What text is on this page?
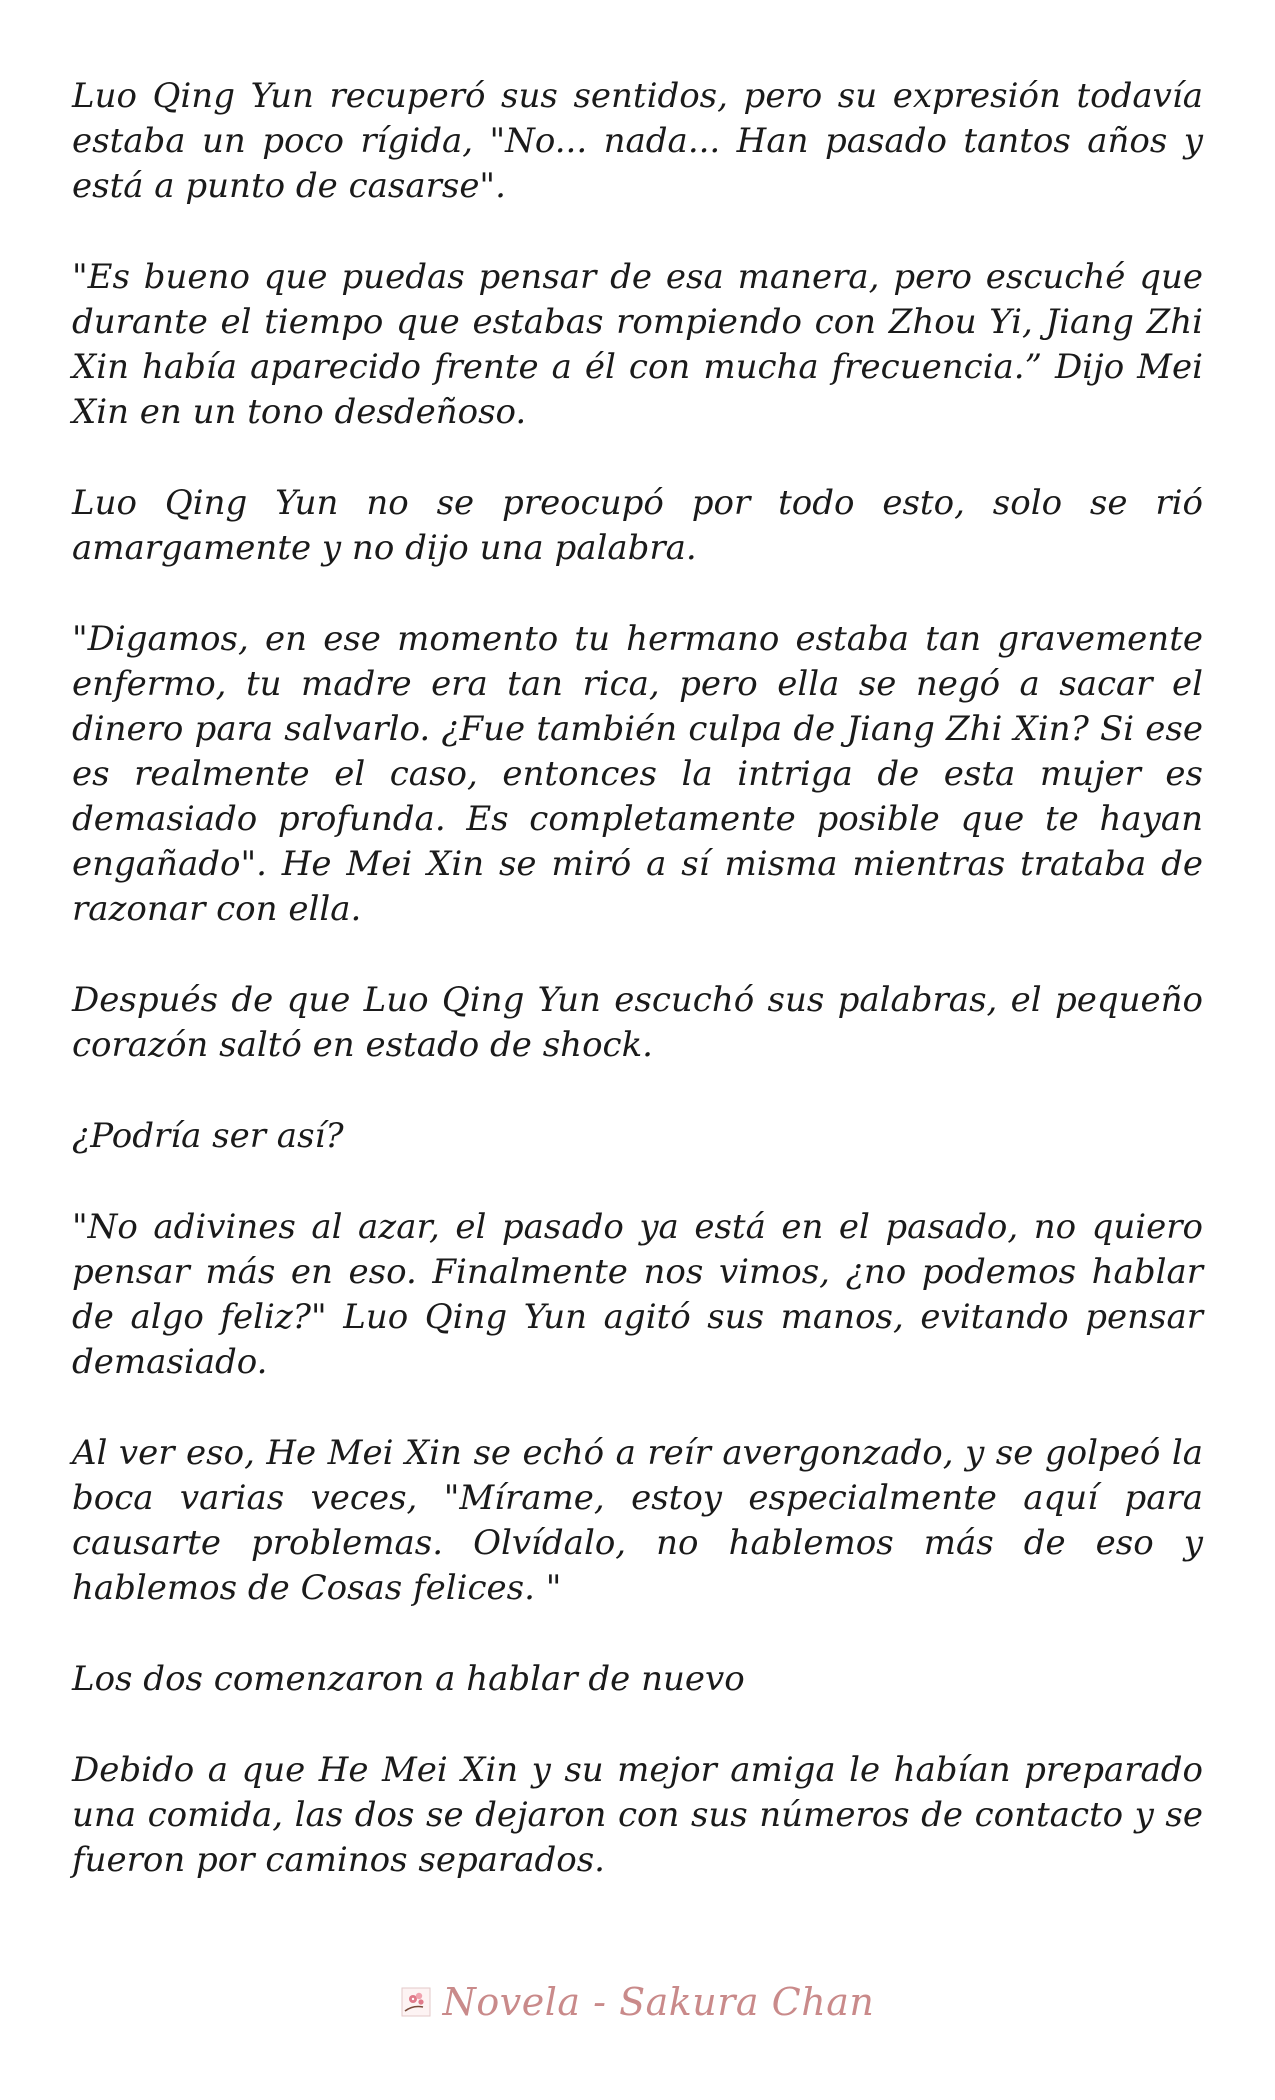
Luo Qing Yun recuperó sus sentidos, pero su expresión todavía estaba un poco rígida, "No... nada... Han pasado tantos años y está a punto de casarse".

"Es bueno que puedas pensar de esa manera, pero escuché que durante el tiempo que estabas rompiendo con Zhou Yi, Jiang Zhi Xin había aparecido frente a él con mucha frecuencia.” Dijo Mei Xin en un tono desdeñoso.

Luo Qing Yun no se preocupó por todo esto, solo se rió amargamente y no dijo una palabra.

"Digamos, en ese momento tu hermano estaba tan gravemente enfermo, tu madre era tan rica, pero ella se negó a sacar el dinero para salvarlo. ¿Fue también culpa de Jiang Zhi Xin? Si ese es realmente el caso, entonces la intriga de esta mujer es demasiado profunda. Es completamente posible que te hayan engañado". He Mei Xin se miró a sí misma mientras trataba de razonar con ella.

Después de que Luo Qing Yun escuchó sus palabras, el pequeño corazón saltó en estado de shock.

¿Podría ser así?

"No adivines al azar, el pasado ya está en el pasado, no quiero pensar más en eso. Finalmente nos vimos, ¿no podemos hablar de algo feliz?" Luo Qing Yun agitó sus manos, evitando pensar demasiado.

Al ver eso, He Mei Xin se echó a reír avergonzado, y se golpeó la boca varias veces, "Mírame, estoy especialmente aquí para causarte problemas. Olvídalo, no hablemos más de eso y hablemos de Cosas felices. "

Los dos comenzaron a hablar de nuevo

Debido a que He Mei Xin y su mejor amiga le habían preparado una comida, las dos se dejaron con sus números de contacto y se fueron por caminos separados.

Novela - Sakura Chan
